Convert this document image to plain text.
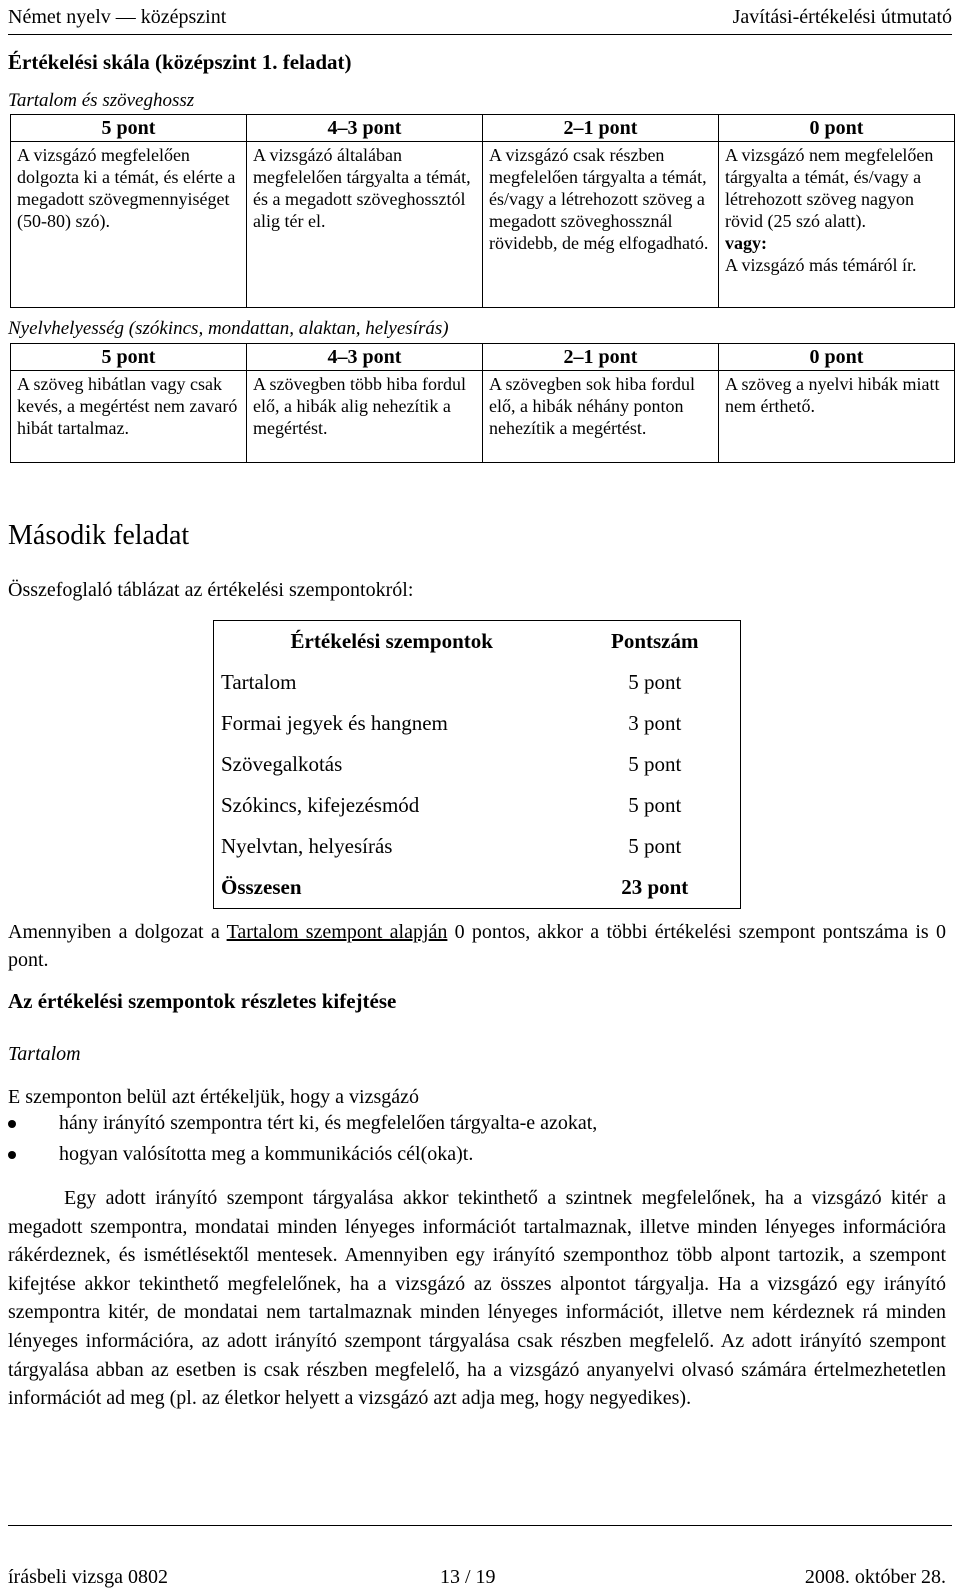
Német nyelv — középszint	Javítási-értékelési útmutató
Értékelési skála (középszint 1. feladat)
Tartalom és szöveghossz
5 pont	4–3 pont	2–1 pont	0 pont
A vizsgázó megfelelően dolgozta ki a témát, és elérte a megadott szövegmennyiséget (50-80) szó).	A vizsgázó általában megfelelően tárgyalta a témát, és a megadott szöveghossztól alig tér el.	A vizsgázó csak részben megfelelően tárgyalta a témát, és/vagy a létrehozott szöveg a megadott szöveghossznál rövidebb, de még elfogadható.	A vizsgázó nem megfelelően tárgyalta a témát, és/vagy a létrehozott szöveg nagyon rövid (25 szó alatt).
vagy:
A vizsgázó más témáról ír.
Nyelvhelyesség (szókincs, mondattan, alaktan, helyesírás)
5 pont	4–3 pont	2–1 pont	0 pont
A szöveg hibátlan vagy csak kevés, a megértést nem zavaró hibát tartalmaz.	A szövegben több hiba fordul elő, a hibák alig nehezítik a megértést.	A szövegben sok hiba fordul elő, a hibák néhány ponton nehezítik a megértést.	A szöveg a nyelvi hibák miatt nem érthető.
Második feladat
Összefoglaló táblázat az értékelési szempontokról:
Értékelési szempontok	Pontszám
Tartalom	5 pont
Formai jegyek és hangnem	3 pont
Szövegalkotás	5 pont
Szókincs, kifejezésmód	5 pont
Nyelvtan, helyesírás	5 pont
Összesen	23 pont
Amennyiben a dolgozat a Tartalom szempont alapján 0 pontos, akkor a többi értékelési szempont pontszáma is 0 pont.
Az értékelési szempontok részletes kifejtése
Tartalom
E szemponton belül azt értékeljük, hogy a vizsgázó
hány irányító szempontra tért ki, és megfelelően tárgyalta-e azokat,
hogyan valósította meg a kommunikációs cél(oka)t.
Egy adott irányító szempont tárgyalása akkor tekinthető a szintnek megfelelőnek, ha a vizsgázó kitér a megadott szempontra, mondatai minden lényeges információt tartalmaznak, illetve minden lényeges információra rákérdeznek, és ismétlésektől mentesek. Amennyiben egy irányító szemponthoz több alpont tartozik, a szempont kifejtése akkor tekinthető megfelelőnek, ha a vizsgázó az összes alpontot tárgyalja. Ha a vizsgázó egy irányító szempontra kitér, de mondatai nem tartalmaznak minden lényeges információt, illetve nem kérdeznek rá minden lényeges információra, az adott irányító szempont tárgyalása csak részben megfelelő. Az adott irányító szempont tárgyalása abban az esetben is csak részben megfelelő, ha a vizsgázó anyanyelvi olvasó számára értelmezhetetlen információt ad meg (pl. az életkor helyett a vizsgázó azt adja meg, hogy negyedikes).
írásbeli vizsga 0802	13 / 19	2008. október 28.
